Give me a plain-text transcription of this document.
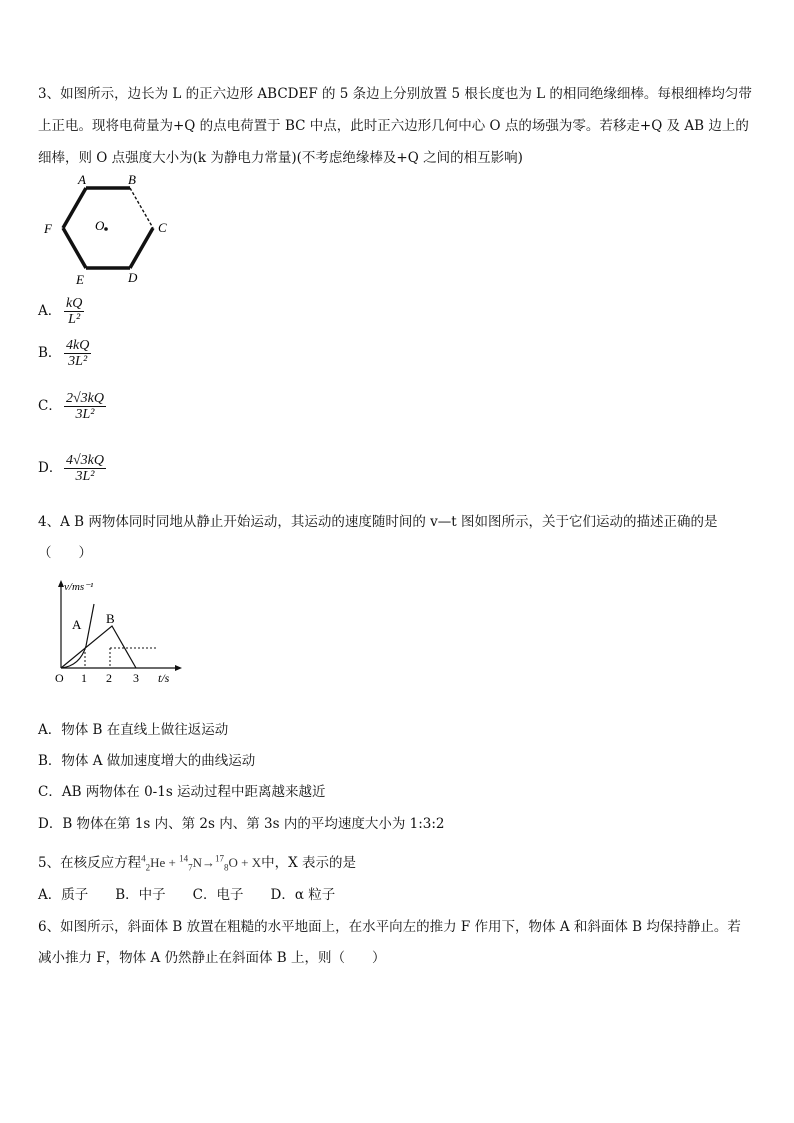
3、如图所示，边长为 L 的正六边形 ABCDEF 的 5 条边上分别放置 5 根长度也为 L 的相同绝缘细棒。每根细棒均匀带
上正电。现将电荷量为+Q 的点电荷置于 BC 中点，此时正六边形几何中心 O 点的场强为零。若移走+Q 及 AB 边上的
细棒，则 O 点强度大小为(k 为静电力常量)(不考虑绝缘棒及+Q 之间的相互影响)
A	B
C
D
E
F	O
A． $\frac{kQ}{\text{L²}}$
B． $\frac{4kQ}{\text{3L²}}$
C． $\frac{2√3kQ}{\text{3L²}}$
D． $\frac{4√3kQ}{\text{3L²}}$
4、A B 两物体同时同地从静止开始运动，其运动的速度随时间的 v—t 图如图所示，关于它们运动的描述正确的是
（　　）
v/ms⁻¹
A B
O 1 2 3 t/s
A．物体 B 在直线上做往返运动
B．物体 A 做加速度增大的曲线运动
C．AB 两物体在 0-1s 运动过程中距离越来越近
D．B 物体在第 1s 内、第 2s 内、第 3s 内的平均速度大小为 1:3:2
5、在核反应方程$^4_2$He + $^{14}_7$N→$^{17}_8$O + X中，X 表示的是
A．质子　　B．中子　　C．电子　　D．α 粒子
6、如图所示，斜面体 B 放置在粗糙的水平地面上，在水平向左的推力 F 作用下，物体 A 和斜面体 B 均保持静止。若
减小推力 F，物体 A 仍然静止在斜面体 B 上，则（　　）
